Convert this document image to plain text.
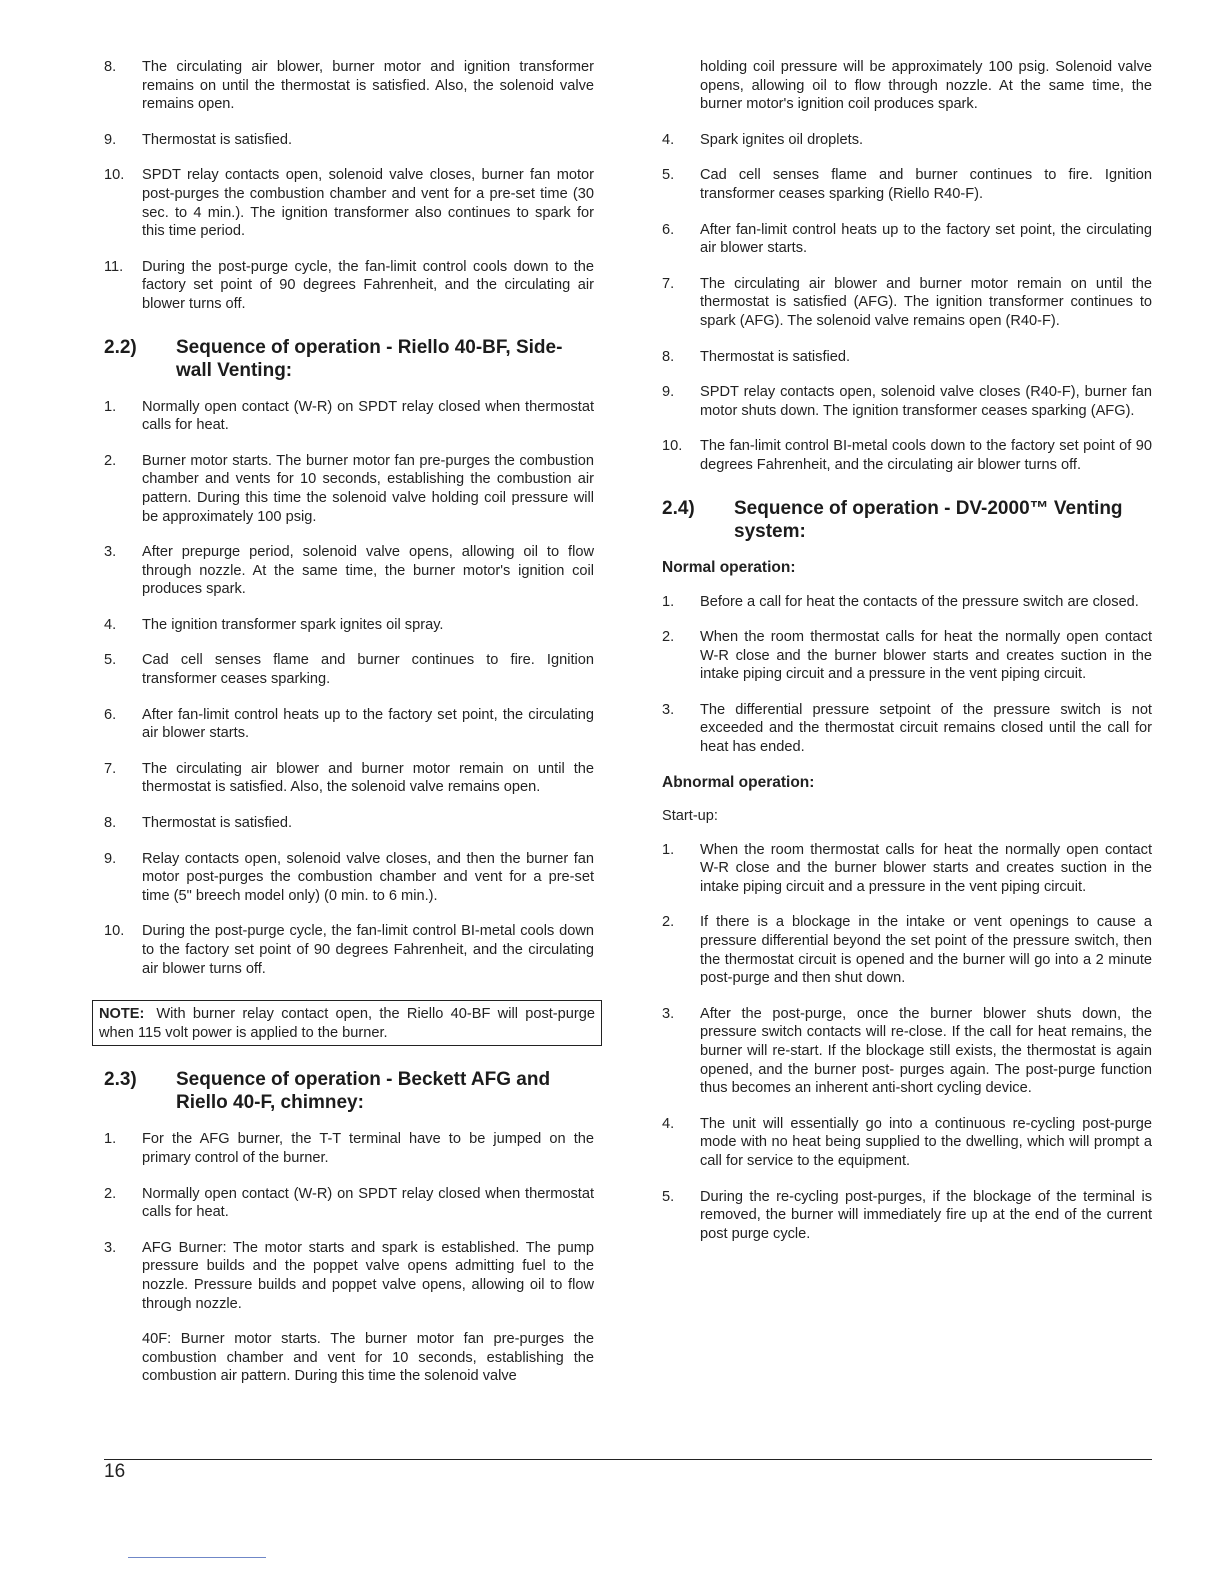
8.	The circulating air blower, burner motor and ignition transformer remains on until the thermostat is satisfied. Also, the solenoid valve remains open.
9.	Thermostat is satisfied.
10.	SPDT relay contacts open, solenoid valve closes, burner fan motor post-purges the combustion chamber and vent for a pre-set time (30 sec. to 4 min.). The ignition transformer also continues to spark for this time period.
11.	During the post-purge cycle, the fan-limit control cools down to the factory set point of 90 degrees Fahrenheit, and the circulating air blower turns off.
2.2)	Sequence of operation - Riello 40-BF, Side-wall Venting:
1.	Normally open contact (W-R) on SPDT relay closed when thermostat calls for heat.
2.	Burner motor starts. The burner motor fan pre-purges the combustion chamber and vents for 10 seconds, establishing the combustion air pattern. During this time the solenoid valve holding coil pressure will be approximately 100 psig.
3.	After prepurge period, solenoid valve opens, allowing oil to flow through nozzle. At the same time, the burner motor's ignition coil produces spark.
4.	The ignition transformer spark ignites oil spray.
5.	Cad cell senses flame and burner continues to fire. Ignition transformer ceases sparking.
6.	After fan-limit control heats up to the factory set point, the circulating air blower starts.
7.	The circulating air blower and burner motor remain on until the thermostat is satisfied. Also, the solenoid valve remains open.
8.	Thermostat is satisfied.
9.	Relay contacts open, solenoid valve closes, and then the burner fan motor post-purges the combustion chamber and vent for a pre-set time (5" breech model only) (0 min. to 6 min.).
10.	During the post-purge cycle, the fan-limit control BI-metal cools down to the factory set point of 90 degrees Fahrenheit, and the circulating air blower turns off.
NOTE: With burner relay contact open, the Riello 40-BF will post-purge when 115 volt power is applied to the burner.
2.3)	Sequence of operation - Beckett AFG and Riello 40-F, chimney:
1.	For the AFG burner, the T-T terminal have to be jumped on the primary control of the burner.
2.	Normally open contact (W-R) on SPDT relay closed when thermostat calls for heat.
3.	AFG Burner: The motor starts and spark is established. The pump pressure builds and the poppet valve opens admitting fuel to the nozzle. Pressure builds and poppet valve opens, allowing oil to flow through nozzle.
40F: Burner motor starts. The burner motor fan pre-purges the combustion chamber and vent for 10 seconds, establishing the combustion air pattern. During this time the solenoid valve
holding coil pressure will be approximately 100 psig. Solenoid valve opens, allowing oil to flow through nozzle. At the same time, the burner motor's ignition coil produces spark.
4.	Spark ignites oil droplets.
5.	Cad cell senses flame and burner continues to fire. Ignition transformer ceases sparking (Riello R40-F).
6.	After fan-limit control heats up to the factory set point, the circulating air blower starts.
7.	The circulating air blower and burner motor remain on until the thermostat is satisfied (AFG). The ignition transformer continues to spark (AFG). The solenoid valve remains open (R40-F).
8.	Thermostat is satisfied.
9.	SPDT relay contacts open, solenoid valve closes (R40-F), burner fan motor shuts down. The ignition transformer ceases sparking (AFG).
10.	The fan-limit control BI-metal cools down to the factory set point of 90 degrees Fahrenheit, and the circulating air blower turns off.
2.4)	Sequence of operation - DV-2000™ Venting system:
Normal operation:
1.	Before a call for heat the contacts of the pressure switch are closed.
2.	When the room thermostat calls for heat the normally open contact W-R close and the burner blower starts and creates suction in the intake piping circuit and a pressure in the vent piping circuit.
3.	The differential pressure setpoint of the pressure switch is not exceeded and the thermostat circuit remains closed until the call for heat has ended.
Abnormal operation:
Start-up:
1.	When the room thermostat calls for heat the normally open contact W-R close and the burner blower starts and creates suction in the intake piping circuit and a pressure in the vent piping circuit.
2.	If there is a blockage in the intake or vent openings to cause a pressure differential beyond the set point of the pressure switch, then the thermostat circuit is opened and the burner will go into a 2 minute post-purge and then shut down.
3.	After the post-purge, once the burner blower shuts down, the pressure switch contacts will re-close. If the call for heat remains, the burner will re-start. If the blockage still exists, the thermostat is again opened, and the burner post- purges again. The post-purge function thus becomes an inherent anti-short cycling device.
4.	The unit will essentially go into a continuous re-cycling post-purge mode with no heat being supplied to the dwelling, which will prompt a call for service to the equipment.
5.	During the re-cycling post-purges, if the blockage of the terminal is removed, the burner will immediately fire up at the end of the current post purge cycle.
16
